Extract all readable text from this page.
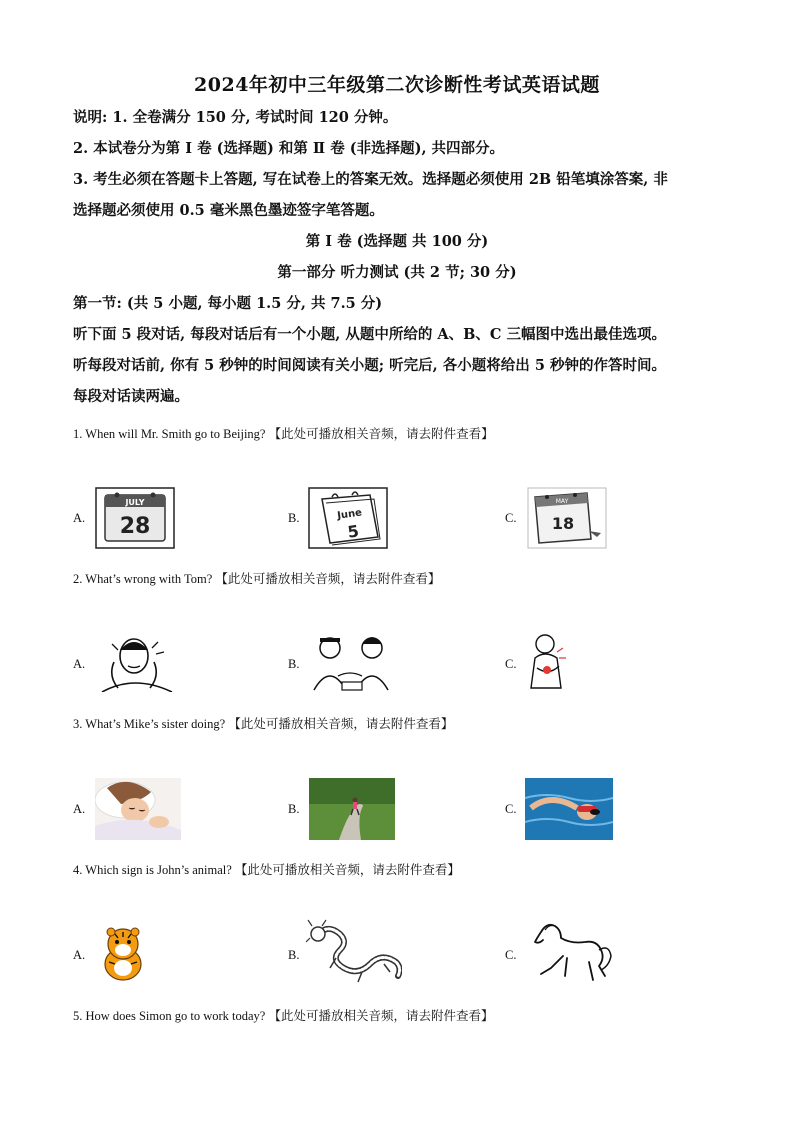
2024年初中三年级第二次诊断性考试英语试题
说明: 1. 全卷满分 150 分, 考试时间 120 分钟。
2. 本试卷分为第 Ⅰ 卷 (选择题) 和第 Ⅱ 卷 (非选择题), 共四部分。
3. 考生必须在答题卡上答题, 写在试卷上的答案无效。选择题必须使用 2B 铅笔填涂答案, 非
选择题必须使用 0.5 毫米黑色墨迹签字笔答题。
第 Ⅰ 卷 (选择题 共 100 分)
第一部分 听力测试 (共 2 节; 30 分)
第一节: (共 5 小题, 每小题 1.5 分, 共 7.5 分)
听下面 5 段对话, 每段对话后有一个小题, 从题中所给的 A、B、C 三幅图中选出最佳选项。
听每段对话前, 你有 5 秒钟的时间阅读有关小题; 听完后, 各小题将给出 5 秒钟的作答时间。
每段对话读两遍。
1. When will Mr. Smith go to Beijing? 【此处可播放相关音频，请去附件查看】
A.
JULY
28	B.	June
5
C.
MAY
18
2. What’s wrong with Tom? 【此处可播放相关音频，请去附件查看】
A.	B.	C.
3. What’s Mike’s sister doing? 【此处可播放相关音频，请去附件查看】
A.	B.	C.
4. Which sign is John’s animal? 【此处可播放相关音频，请去附件查看】
A.	B.	C.
5. How does Simon go to work today? 【此处可播放相关音频，请去附件查看】
